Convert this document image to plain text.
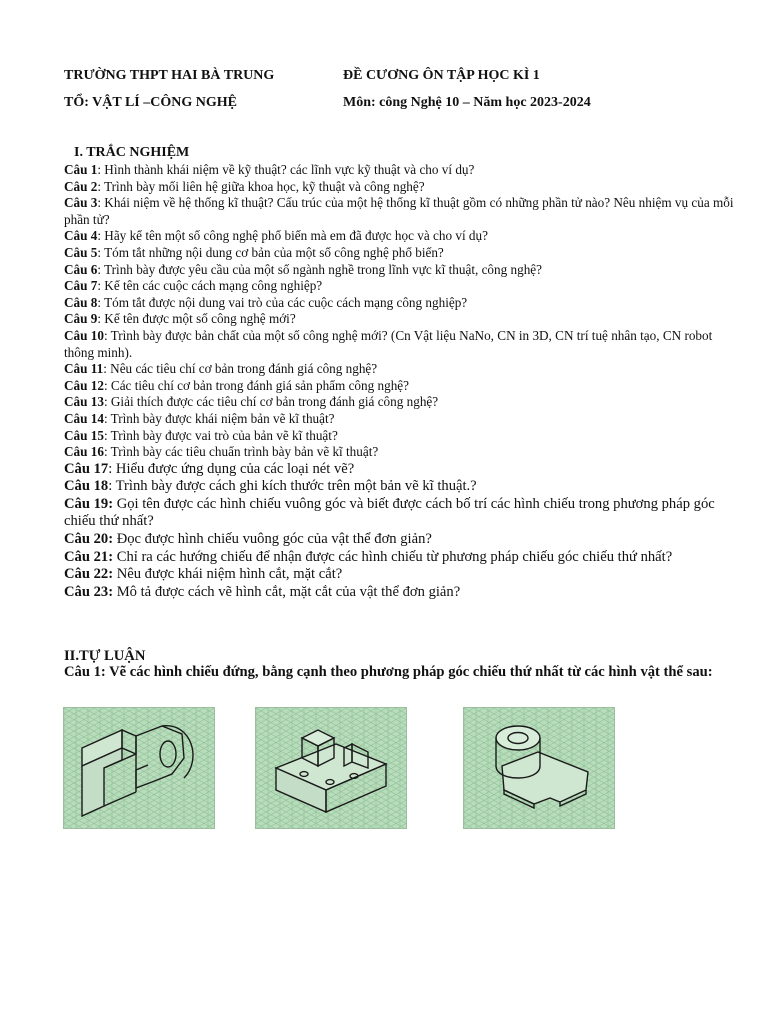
TRƯỜNG THPT HAI BÀ TRUNG	ĐỀ CƯƠNG ÔN TẬP HỌC KÌ 1
TỔ: VẬT LÍ –CÔNG NGHỆ	Môn: công Nghệ 10 – Năm học 2023-2024
I. TRẮC NGHIỆM
Câu 1: Hình thành khái niệm về kỹ thuật? các lĩnh vực kỹ thuật và cho ví dụ?
Câu 2: Trình bày mối liên hệ giữa khoa học, kỹ thuật và công nghệ?
Câu 3: Khái niệm về hệ thống kĩ thuật? Cấu trúc của một hệ thống kĩ thuật gồm có những phần tử nào? Nêu nhiệm vụ của mỗi phần tử?
Câu 4: Hãy kể tên một số công nghệ phổ biến mà em đã được học và cho ví dụ?
Câu 5: Tóm tắt những nội dung cơ bản của một số công nghệ phổ biến?
Câu 6: Trình bày được yêu cầu của một số ngành nghề trong lĩnh vực kĩ thuật, công nghệ?
Câu 7: Kể tên các cuộc cách mạng công nghiệp?
Câu 8: Tóm tắt được nội dung vai trò của các cuộc cách mạng công nghiệp?
Câu 9: Kể tên được một số công nghệ mới?
Câu 10: Trình bày được bản chất của một số công nghệ mới? (Cn Vật liệu NaNo, CN in 3D, CN trí tuệ nhân tạo, CN robot thông minh).
Câu 11: Nêu các tiêu chí cơ bản trong đánh giá công nghệ?
Câu 12: Các tiêu chí cơ bản trong đánh giá sản phẩm công nghệ?
Câu 13: Giải thích được các tiêu chí cơ bản trong đánh giá công nghệ?
Câu 14: Trình bày được khái niệm bản vẽ kĩ thuật?
Câu 15: Trình bày được vai trò của bản vẽ kĩ thuật?
Câu 16: Trình bày các tiêu chuẩn trình bày bản vẽ kĩ thuật?
Câu 17: Hiểu được ứng dụng của các loại nét vẽ?
Câu 18: Trình bày được cách ghi kích thước trên một bản vẽ kĩ thuật.?
Câu 19: Gọi tên được các hình chiếu vuông góc và biết được cách bố trí các hình chiếu trong phương pháp góc chiếu thứ nhất?
Câu 20: Đọc được hình chiếu vuông góc của vật thể đơn giản?
Câu 21: Chỉ ra các hướng chiếu để nhận được các hình chiếu từ phương pháp chiếu góc chiếu thứ nhất?
Câu 22: Nêu được khái niệm hình cắt, mặt cắt?
Câu 23: Mô tả được cách vẽ hình cắt, mặt cắt của vật thể đơn giản?
II.TỰ LUẬN
Câu 1: Vẽ các hình chiếu đứng, bằng cạnh theo phương pháp góc chiếu thứ nhất từ các hình vật thể sau:
